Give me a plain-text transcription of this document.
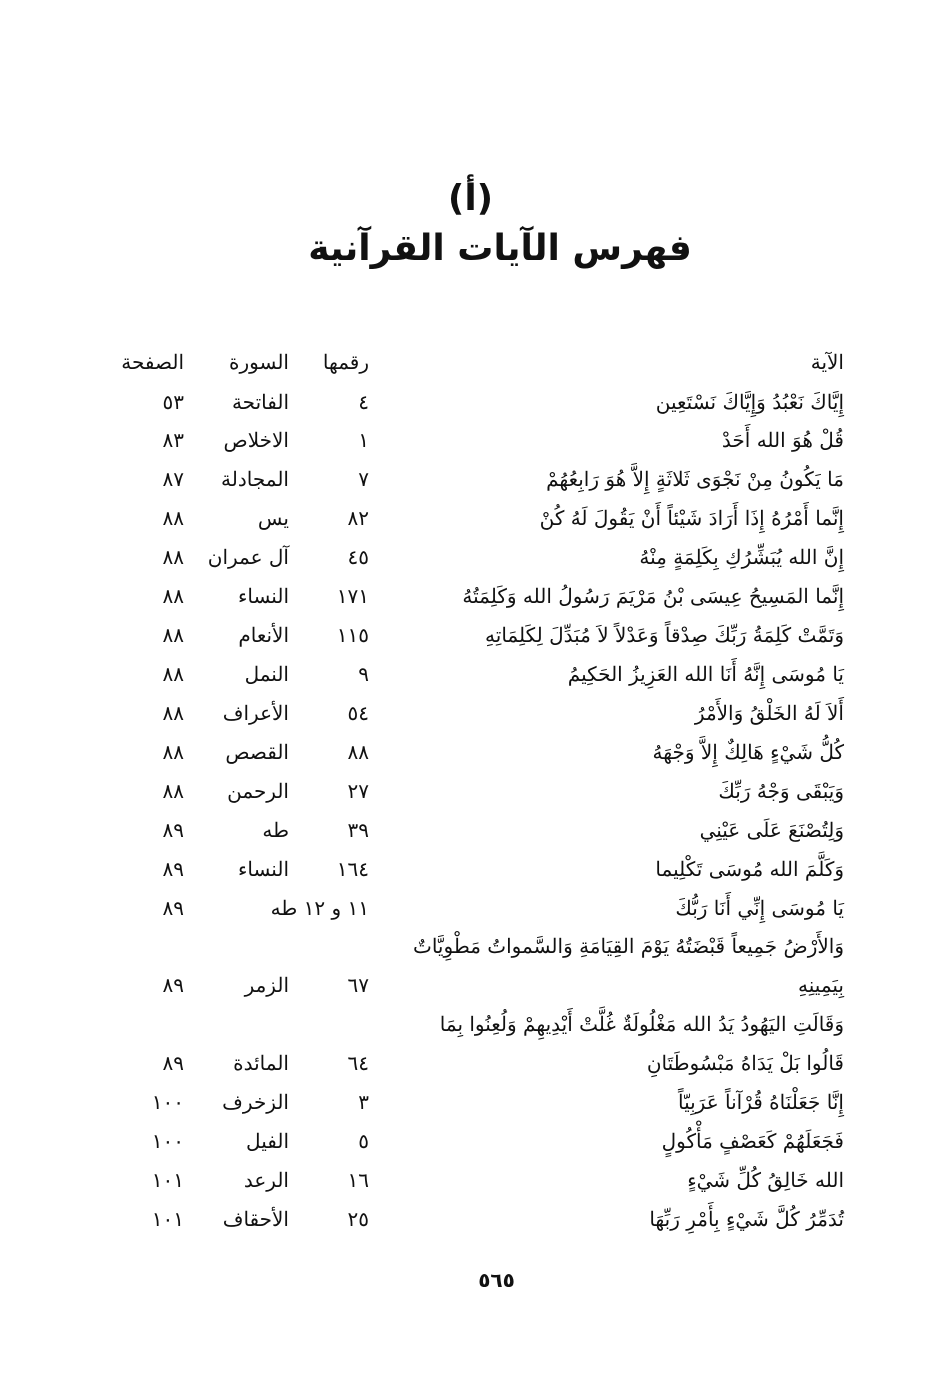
(أ)
فهرس الآيات القرآنية
الآية
رقمها
السورة
الصفحة
إِيَّاكَ نَعْبُدُ وَإِيَّاكَ نَسْتَعِين
٤
الفاتحة
٥٣
قُلْ هُوَ الله أَحَدْ
١
الاخلاص
٨٣
مَا يَكُونُ مِنْ نَجْوَى ثَلاثَةٍ إِلاَّ هُوَ رَابِعُهُمْ
٧
المجادلة
٨٧
إِنَّما أَمْرُهُ إِذَا أَرَادَ شَيْئاً أَنْ يَقُولَ لَهُ كُنْ
٨٢
يس
٨٨
إِنَّ الله يُبَشِّرُكِ بِكَلِمَةٍ مِنْهُ
٤٥
آل عمران
٨٨
إِنَّما المَسِيحُ عِيسَى بْنُ مَرْيَمَ رَسُولُ الله وَكَلِمَتُهُ
١٧١
النساء
٨٨
وَتَمَّتْ كَلِمَةُ رَبِّكَ صِدْقاً وَعَدْلاً لاَ مُبَدِّلَ لِكَلِمَاتِهِ
١١٥
الأنعام
٨٨
يَا مُوسَى إِنَّهُ أَنَا الله العَزِيزُ الحَكِيمُ
٩
النمل
٨٨
أَلاَ لَهُ الخَلْقُ وَالأَمْرُ
٥٤
الأعراف
٨٨
كُلُّ شَيْءٍ هَالِكٌ إِلاَّ وَجْهَهُ
٨٨
القصص
٨٨
وَيَبْقَى وَجْهُ رَبِّكَ
٢٧
الرحمن
٨٨
وَلِتُصْنَعَ عَلَى عَيْنِي
٣٩
طه
٨٩
وَكَلَّمَ الله مُوسَى تَكْلِيما
١٦٤
النساء
٨٩
يَا مُوسَى إِنِّي أَنَا رَبُّكَ
١١ و ١٢ طه
٨٩
وَالأَرْضُ جَمِيعاً قَبْضَتُهُ يَوْمَ القِيَامَةِ وَالسَّمواتُ مَطْوِيَّاتٌ
بِيَمِينِهِ
٦٧
الزمر
٨٩
وَقَالَتِ اليَهُودُ يَدُ الله مَغْلُولَةٌ غُلَّتْ أَيْدِيهِمْ وَلُعِنُوا بِمَا
قَالُوا بَلْ يَدَاهُ مَبْسُوطَتَانِ
٦٤
المائدة
٨٩
إِنَّا جَعَلْنَاهُ قُرْآناً عَرَبِيّاً
٣
الزخرف
١٠٠
فَجَعَلَهُمْ كَعَصْفٍ مَأْكُولٍ
٥
الفيل
١٠٠
الله خَالِقُ كُلِّ شَيْءٍ
١٦
الرعد
١٠١
تُدَمِّرُ كُلَّ شَيْءٍ بِأَمْرِ رَبِّهَا
٢٥
الأحقاف
١٠١
٥٦٥
